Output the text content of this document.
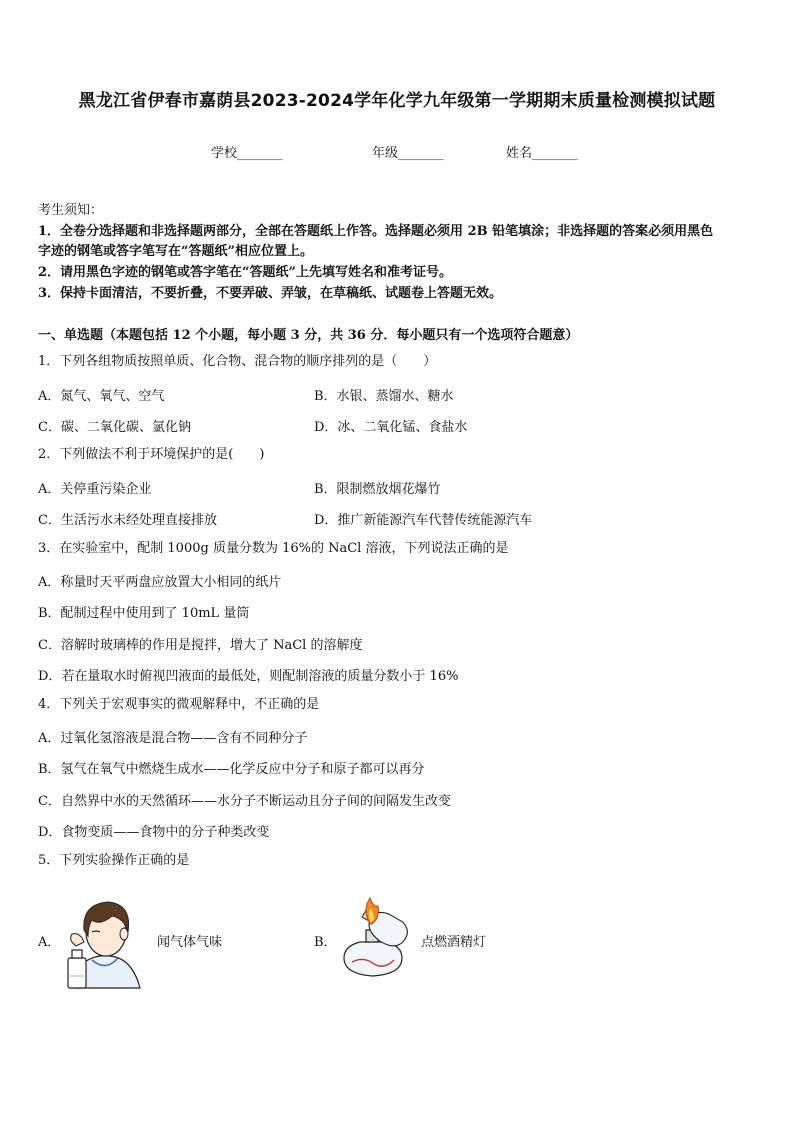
黑龙江省伊春市嘉荫县2023-2024学年化学九年级第一学期期末质量检测模拟试题
学校_______	年级_______	姓名_______
考生须知：
1．全卷分选择题和非选择题两部分，全部在答题纸上作答。选择题必须用 2B 铅笔填涂；非选择题的答案必须用黑色
字迹的钢笔或答字笔写在“答题纸”相应位置上。
2．请用黑色字迹的钢笔或答字笔在“答题纸”上先填写姓名和准考证号。
3．保持卡面清洁，不要折叠，不要弄破、弄皱，在草稿纸、试题卷上答题无效。
一、单选题（本题包括 12 个小题，每小题 3 分，共 36 分．每小题只有一个选项符合题意）
1．下列各组物质按照单质、化合物、混合物的顺序排列的是（　　）
A．氮气、氧气、空气	B．水银、蒸馏水、糖水
C．碳、二氧化碳、氯化钠	D．冰、二氧化锰、食盐水
2．下列做法不利于环境保护的是(　　)
A．关停重污染企业	B．限制燃放烟花爆竹
C．生活污水未经处理直接排放	D．推广新能源汽车代替传统能源汽车
3．在实验室中，配制 1000g 质量分数为 16%的 NaCl 溶液，下列说法正确的是
A．称量时天平两盘应放置大小相同的纸片
B．配制过程中使用到了 10mL 量筒
C．溶解时玻璃棒的作用是搅拌，增大了 NaCl 的溶解度
D．若在量取水时俯视凹液面的最低处，则配制溶液的质量分数小于 16%
4．下列关于宏观事实的微观解释中，不正确的是
A．过氧化氢溶液是混合物——含有不同种分子
B．氢气在氧气中燃烧生成水——化学反应中分子和原子都可以再分
C．自然界中水的天然循环——水分子不断运动且分子间的间隔发生改变
D．食物变质——食物中的分子种类改变
5．下列实验操作正确的是
A．	闻气体气味	B．	点燃酒精灯
